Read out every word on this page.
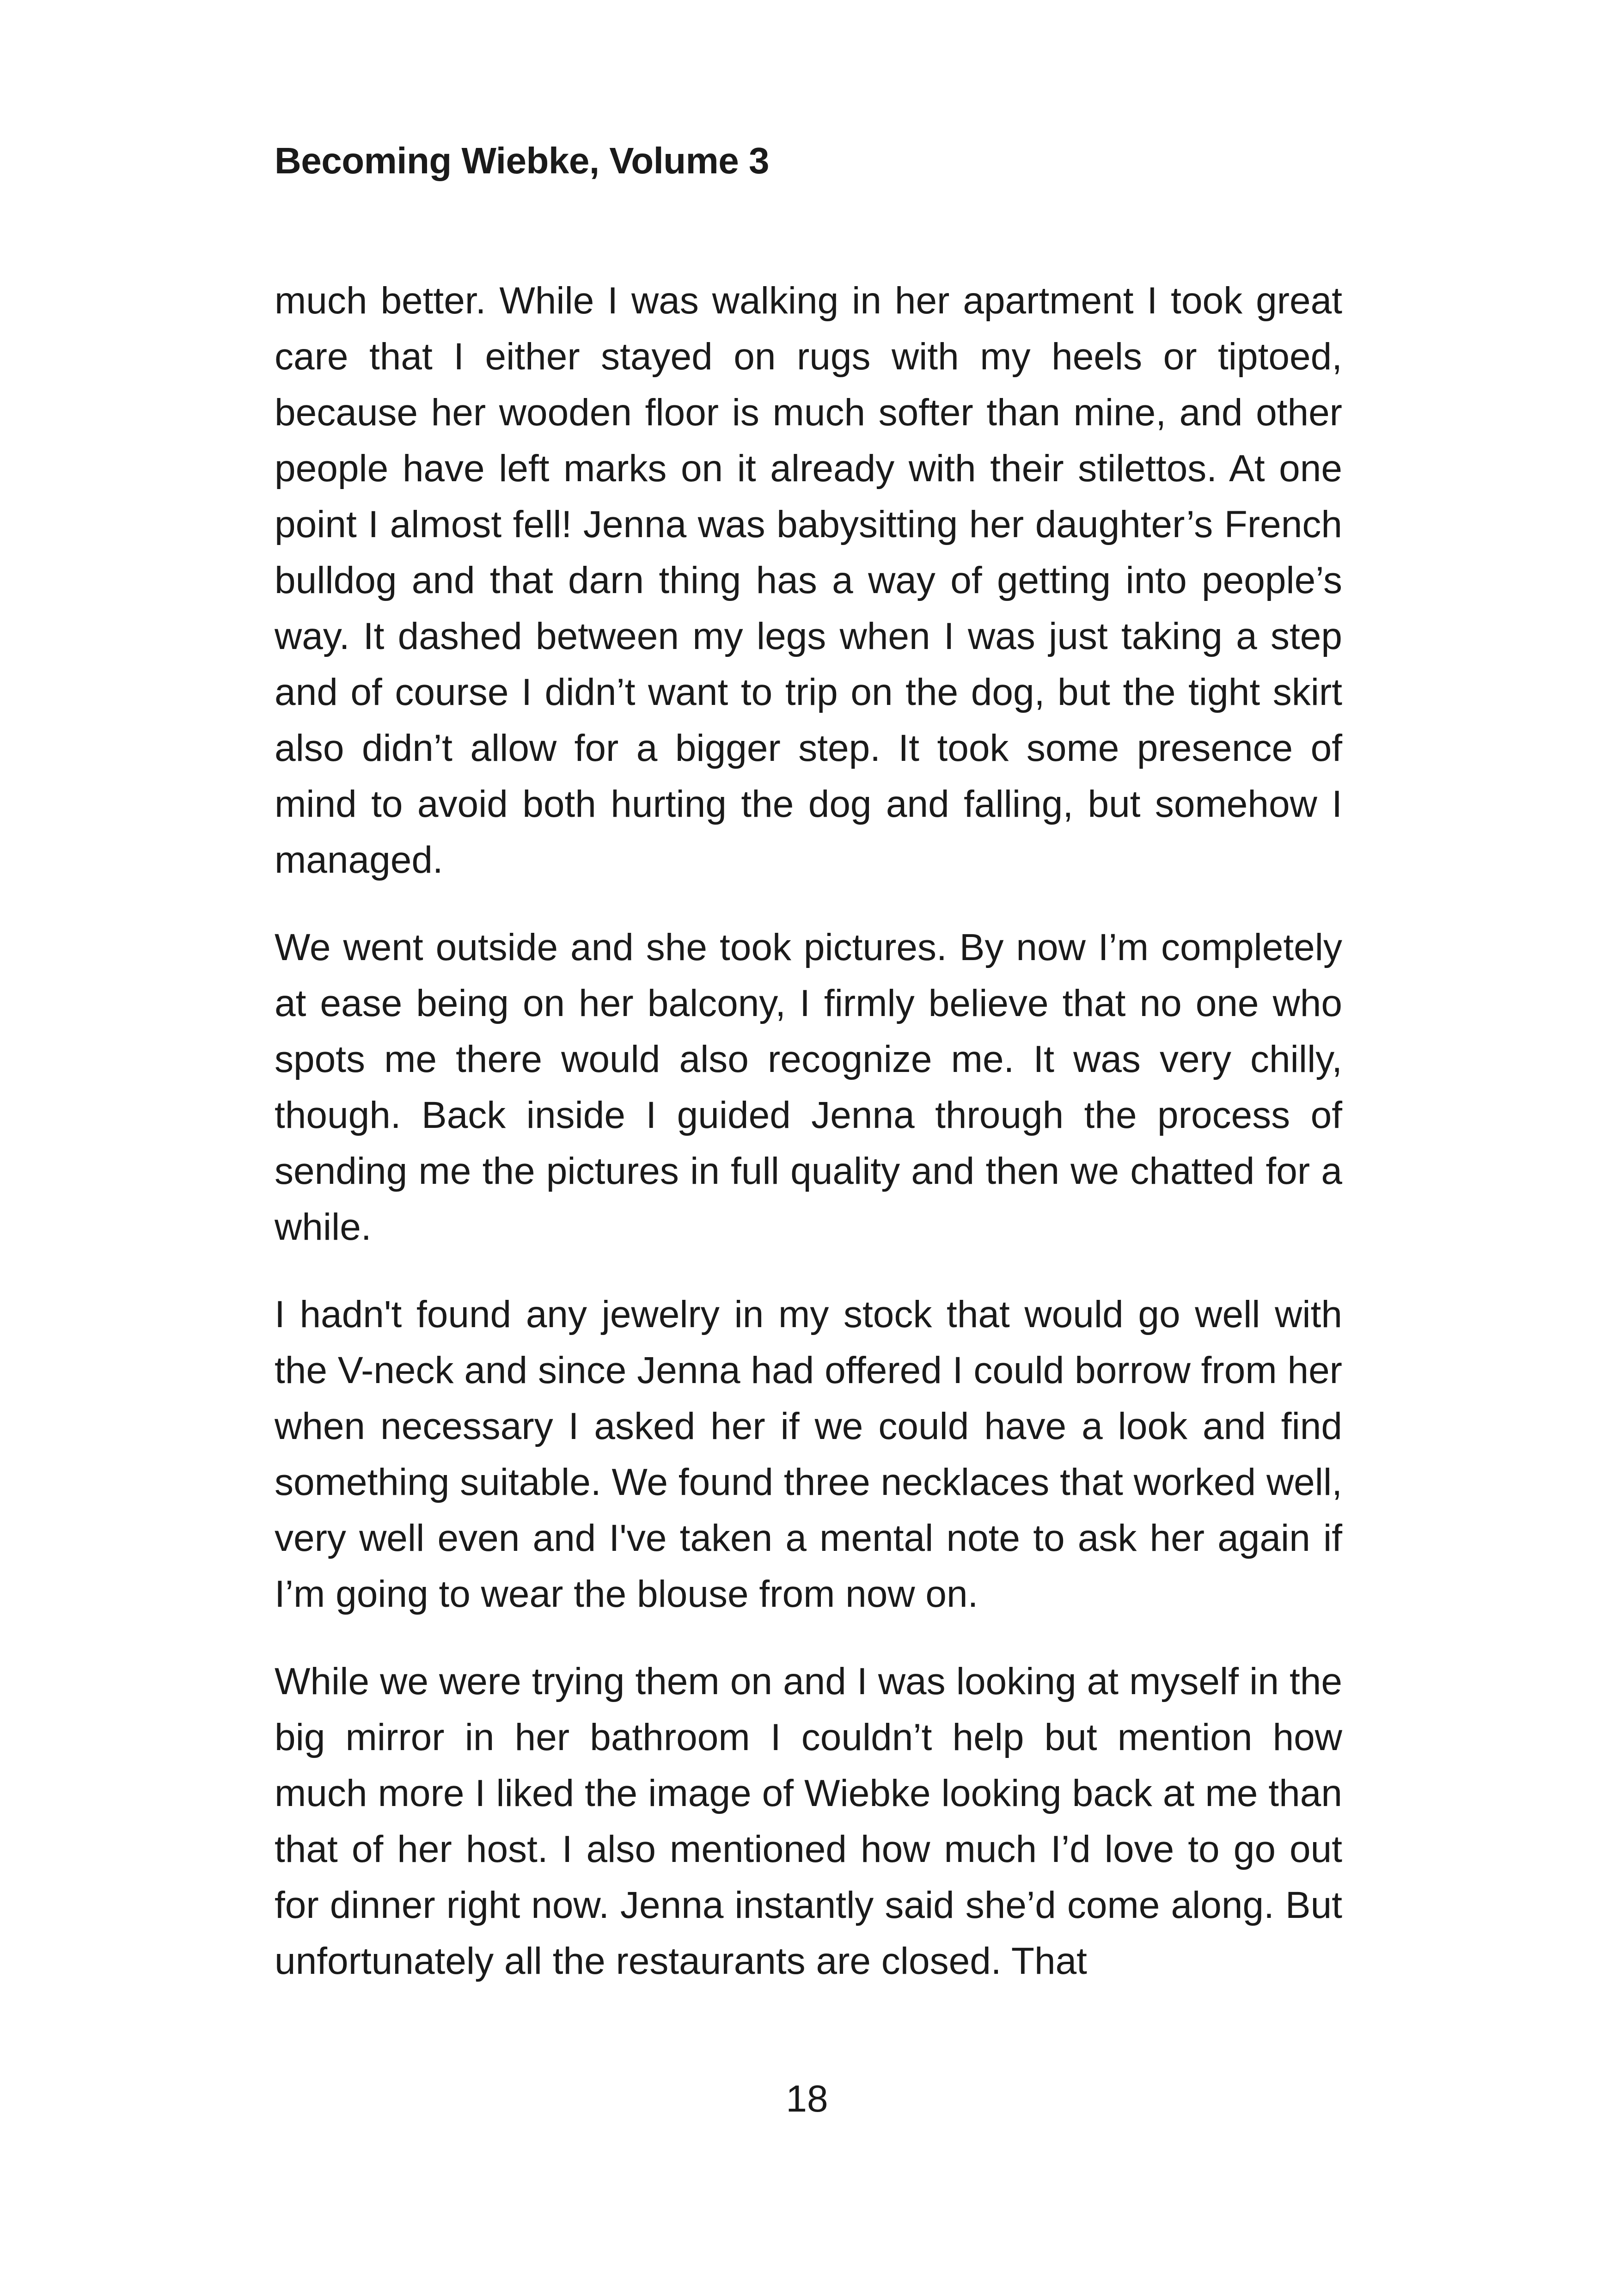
Becoming Wiebke, Volume 3

much better. While I was walking in her apartment I took great care that I either stayed on rugs with my heels or tiptoed, because her wooden floor is much softer than mine, and other people have left marks on it already with their stilettos. At one point I almost fell! Jenna was babysitting her daughter’s French bulldog and that darn thing has a way of getting into people’s way. It dashed between my legs when I was just taking a step and of course I didn’t want to trip on the dog, but the tight skirt also didn’t allow for a bigger step. It took some presence of mind to avoid both hurting the dog and falling, but somehow I managed.

We went outside and she took pictures. By now I’m completely at ease being on her balcony, I firmly believe that no one who spots me there would also recognize me. It was very chilly, though. Back inside I guided Jenna through the process of sending me the pictures in full quality and then we chatted for a while.

I hadn't found any jewelry in my stock that would go well with the V-neck and since Jenna had offered I could borrow from her when necessary I asked her if we could have a look and find something suitable. We found three necklaces that worked well, very well even and I've taken a mental note to ask her again if I’m going to wear the blouse from now on.

While we were trying them on and I was looking at myself in the big mirror in her bathroom I couldn’t help but mention how much more I liked the image of Wiebke looking back at me than that of her host. I also mentioned how much I’d love to go out for dinner right now. Jenna instantly said she’d come along. But unfortunately all the restaurants are closed. That

18
